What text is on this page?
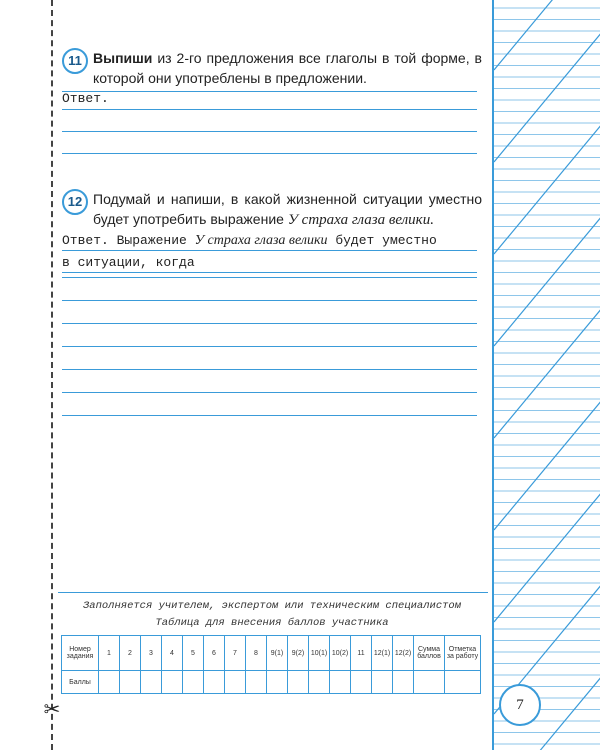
✂
11 Выпиши из 2-го предложения все глаголы в той форме, в которой они употреблены в предложении.
Ответ.
12 Подумай и напиши, в какой жизненной ситуации уместно будет употребить выражение У страха глаза велики.
Ответ. Выражение У страха глаза велики будет уместно
в ситуации, когда
Заполняется учителем, экспертом или техническим специалистом
Таблица для внесения баллов участника
Номер задания	1	2	3	4	5	6	7	8	9(1)	9(2)	10(1)	10(2)	11	12(1)	12(2)	Сумма баллов	Отметка за работу
Баллы																	
7
